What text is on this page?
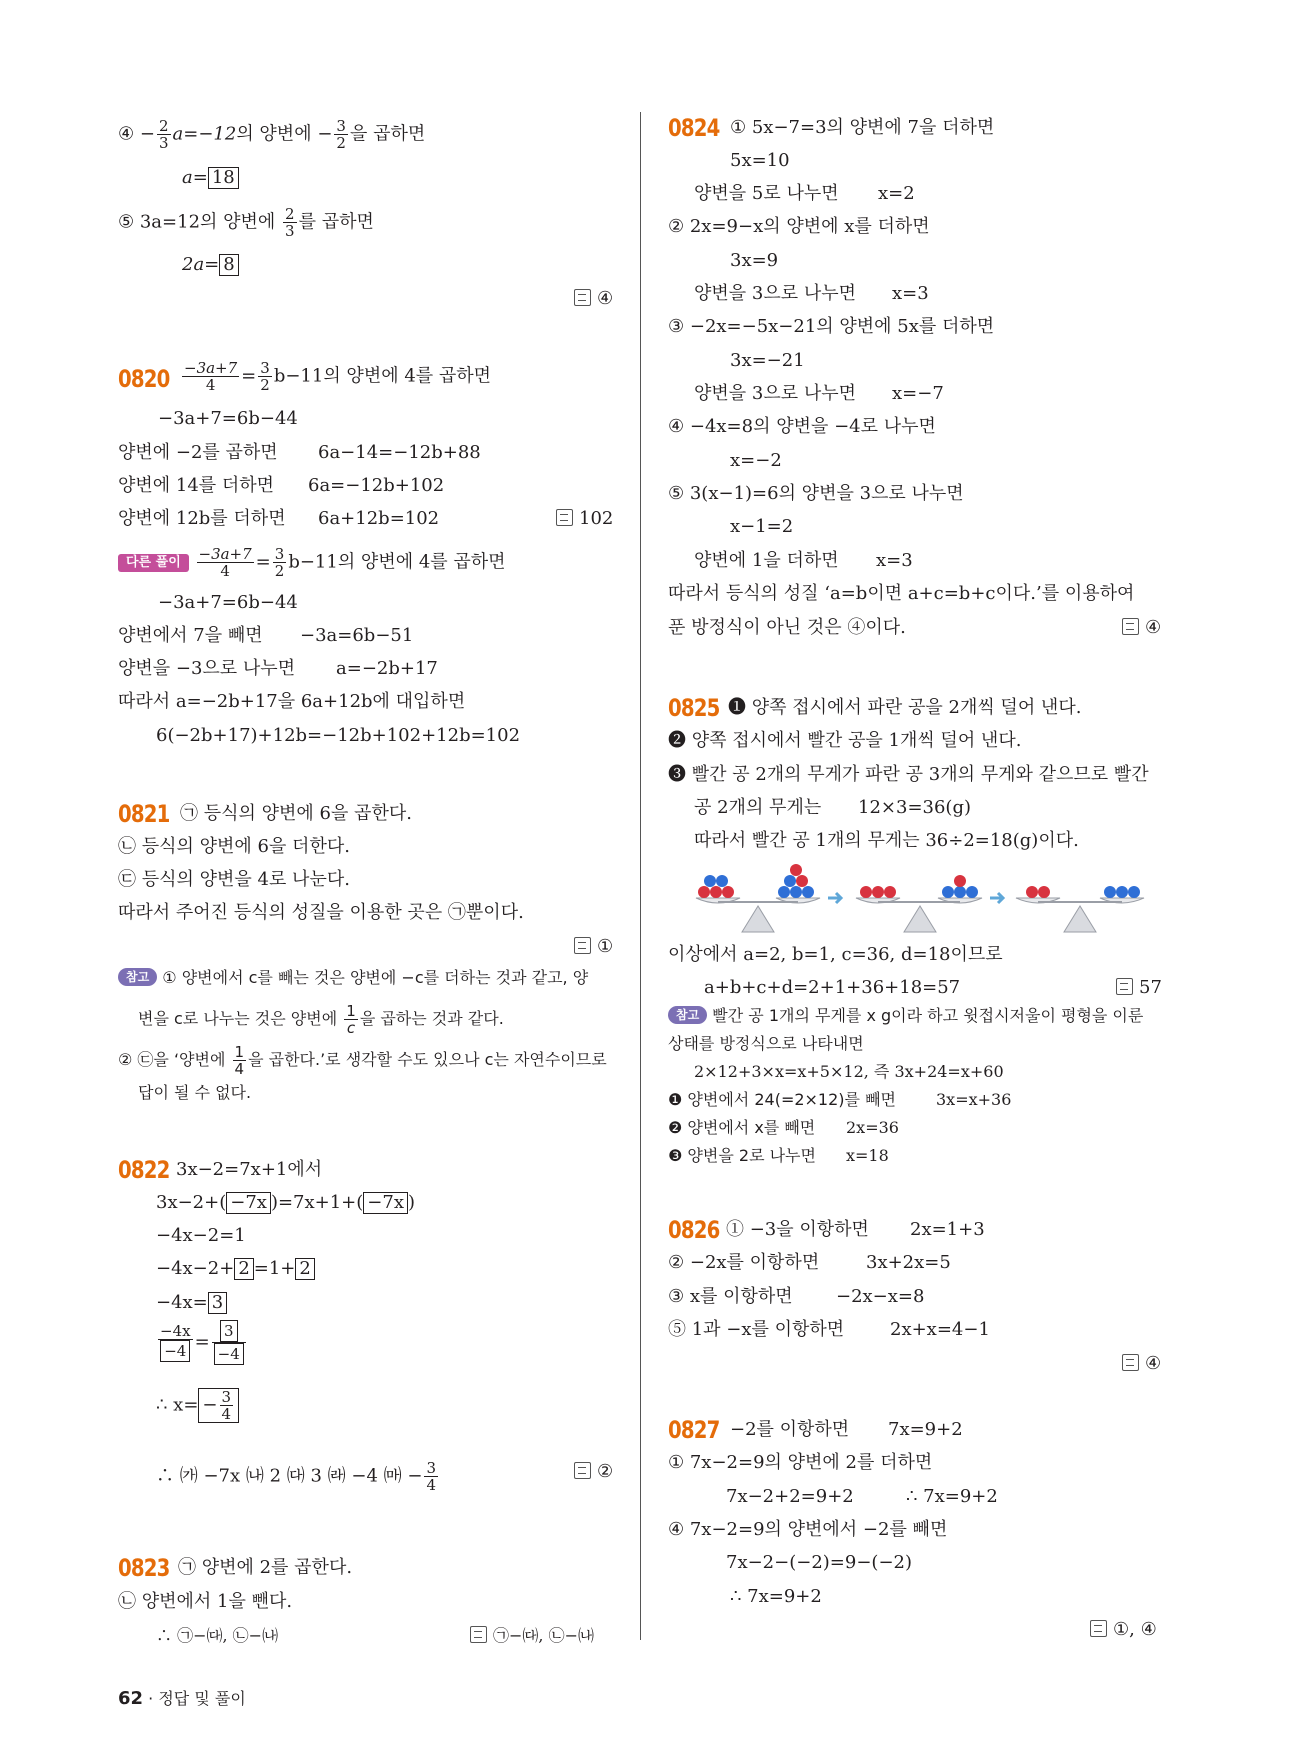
④ − $\frac{2}{3} a=-12$의 양변에 − $\frac{3}{2}$ 을 곱하면
a= 18
⑤ 3a=12의 양변에 $\frac{2}{3}$ 를 곱하면
2a= 8
④
$0820 \frac{-3a+7}{4} = \frac{3}{2} b-11$의 양변에 4를 곱하면
−3a+7=6b−44
양변에 −2를 곱하면 6a−14=−12b+88
양변에 14를 더하면 6a=−12b+102
양변에 12b를 더하면 6a+12b=102	102
다른 풀이 $\frac{-3a+7}{4} = \frac{3}{2} b-11$의 양변에 4를 곱하면
−3a+7=6b−44
양변에서 7을 빼면 −3a=6b−51
양변을 −3으로 나누면 a=−2b+17
따라서 a=−2b+17을 6a+12b에 대입하면
6(−2b+17)+12b=−12b+102+12b=102
0821 ㉠ 등식의 양변에 6을 곱한다.
㉡ 등식의 양변에 6을 더한다.
㉢ 등식의 양변을 4로 나눈다.
따라서 주어진 등식의 성질을 이용한 곳은 ㉠뿐이다.
①
참고 ① 양변에서 c를 빼는 것은 양변에 −c를 더하는 것과 같고, 양
변을 c로 나누는 것은 양변에 $\frac{1}{c}$ 을 곱하는 것과 같다.
② ㉢을 ‘양변에 $\frac{1}{4}$ 을 곱한다.’로 생각할 수도 있으나 c는 자연수이므로
답이 될 수 없다.
0822 3x−2=7x+1에서
3x−2+( −7x )=7x+1+( −7x )
−4x−2=1
−4x−2+ 2 =1+ 2
−4x= 3
$\frac{-4x}{-4} = \frac{3}{-4}$
∴ $x= - \frac{3}{4}$
∴ ㈎ −7x ㈏ 2 ㈐ 3 ㈑ −4 ㈒ − $\frac{3}{4}$	②
0823 ㉠ 양변에 2를 곱한다.
㉡ 양변에서 1을 뺀다.
∴ ㉠−㈐, ㉡−㈏	㉠−㈐, ㉡−㈏
0824 ① 5x−7=3의 양변에 7을 더하면
5x=10
양변을 5로 나누면 x=2
② 2x=9−x의 양변에 x를 더하면
3x=9
양변을 3으로 나누면 x=3
③ −2x=−5x−21의 양변에 5x를 더하면
3x=−21
양변을 3으로 나누면 x=−7
④ −4x=8의 양변을 −4로 나누면
x=−2
⑤ 3(x−1)=6의 양변을 3으로 나누면
x−1=2
양변에 1을 더하면 x=3
따라서 등식의 성질 ‘a=b이면 a+c=b+c이다.’를 이용하여
푼 방정식이 아닌 것은 ④이다.	④
0825 ❶ 양쪽 접시에서 파란 공을 2개씩 덜어 낸다.
❷ 양쪽 접시에서 빨간 공을 1개씩 덜어 낸다.
❸ 빨간 공 2개의 무게가 파란 공 3개의 무게와 같으므로 빨간
공 2개의 무게는 12×3=36(g)
따라서 빨간 공 1개의 무게는 36÷2=18(g)이다.
이상에서 a=2, b=1, c=36, d=18이므로
a+b+c+d=2+1+36+18=57	57
참고 빨간 공 1개의 무게를 x g이라 하고 윗접시저울이 평형을 이룬
상태를 방정식으로 나타내면
2×12+3×x=x+5×12, 즉 3x+24=x+60
❶ 양변에서 24(=2×12)를 빼면	3x=x+36
❷ 양변에서 x를 빼면 2x=36
❸ 양변을 2로 나누면 x=18
0826 ① −3을 이항하면 2x=1+3
② −2x를 이항하면	3x+2x=5
③ x를 이항하면 −2x−x=8
⑤ 1과 −x를 이항하면	2x+x=4−1
④
0827 −2를 이항하면 7x=9+2
① 7x−2=9의 양변에 2를 더하면
7x−2+2=9+2	∴ 7x=9+2
④ 7x−2=9의 양변에서 −2를 빼면
7x−2−(−2)=9−(−2)
∴ 7x=9+2
①, ④
62 · 정답 및 풀이
